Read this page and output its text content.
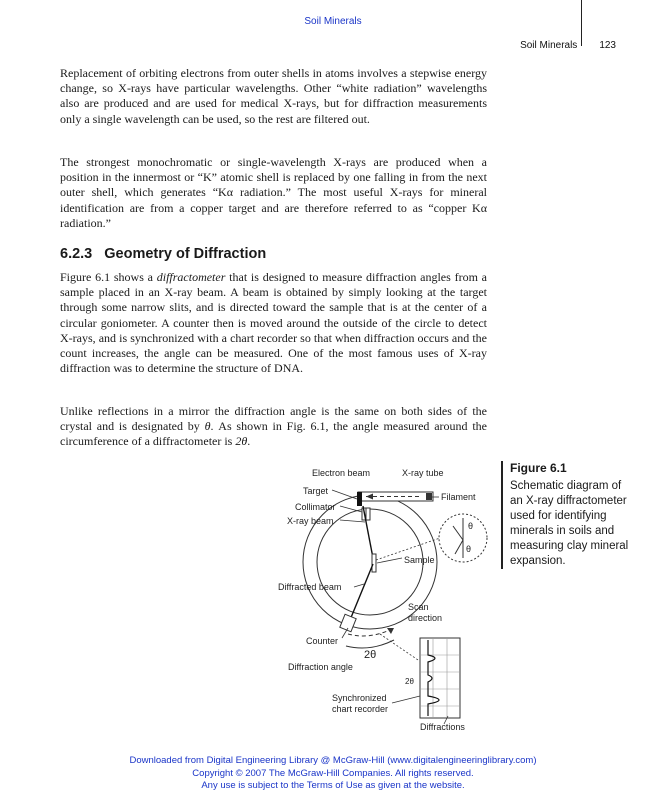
Soil Minerals
Soil Minerals 123

Replacement of orbiting electrons from outer shells in atoms involves a stepwise energy change, so X-rays have particular wavelengths. Other “white radiation” wavelengths also are produced and are used for medical X-rays, but for diffraction measurements only a single wavelength can be used, so the rest are filtered out.

The strongest monochromatic or single-wavelength X-rays are produced when a position in the innermost or “K” atomic shell is replaced by one falling in from the next outer shell, which generates “Kα radiation.” The most useful X-rays for mineral identification are from a copper target and are therefore referred to as “copper Kα radiation.”

6.2.3 Geometry of Diffraction

Figure 6.1 shows a diffractometer that is designed to measure diffraction angles from a sample placed in an X-ray beam. A beam is obtained by simply looking at the target through some narrow slits, and is directed toward the sample that is at the center of a circular goniometer. A counter then is moved around the outside of the circle to detect X-rays, and is synchronized with a chart recorder so that when diffraction occurs and the count increases, the angle can be measured. One of the most famous uses of X-ray diffraction was to determine the structure of DNA.

Unlike reflections in a mirror the diffraction angle is the same on both sides of the crystal and is designated by θ. As shown in Fig. 6.1, the angle measured around the circumference of a diffractometer is 2θ.

Electron beam	X-ray tube
Target
Filament
Collimator
X-ray beam
Sample
Diffracted beam
Scan
direction
Counter
2θ
Diffraction angle
2θ
θ
θ
Synchronized
chart recorder
Diffractions
Figure 6.1
Schematic diagram of an X-ray diffractometer used for identifying minerals in soils and measuring clay mineral expansion.
Downloaded from Digital Engineering Library @ McGraw-Hill (www.digitalengineeringlibrary.com)
Copyright © 2007 The McGraw-Hill Companies. All rights reserved.
Any use is subject to the Terms of Use as given at the website.
